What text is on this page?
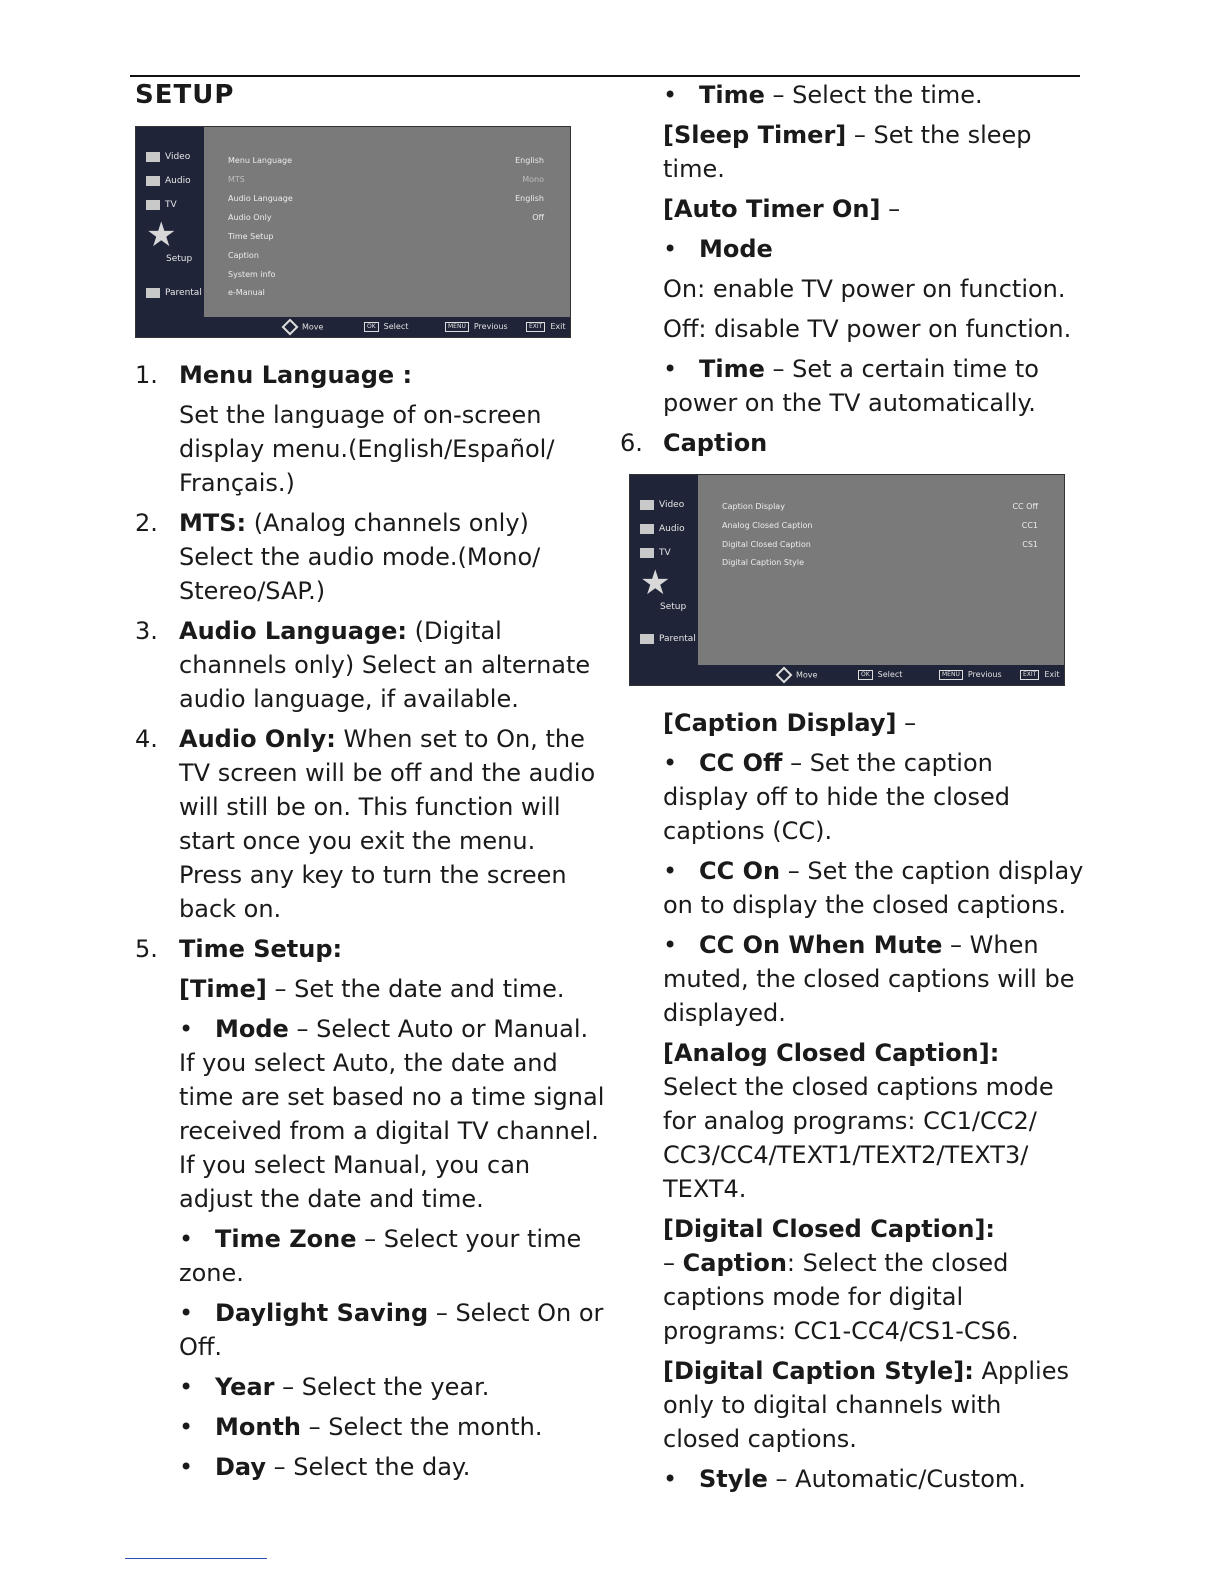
SETUP
Video
Audio
TV
★
Setup
Parental
Menu Language	English
MTS	Mono
Audio Language	English
Audio Only	Off
Time Setup
Caption
System info
e-Manual
Move	OK Select	MENU Previous	EXIT Exit
1. Menu Language :
Set the language of on-screen display menu.(English/Español/ Français.)
2. MTS: (Analog channels only) Select the audio mode.(Mono/ Stereo/SAP.)
3. Audio Language: (Digital channels only) Select an alternate audio language, if available.
4. Audio Only: When set to On, the TV screen will be off and the audio will still be on. This function will start once you exit the menu. Press any key to turn the screen back on.
5. Time Setup:
[Time] – Set the date and time.
• Mode – Select Auto or Manual. If you select Auto, the date and time are set based no a time signal received from a digital TV channel. If you select Manual, you can adjust the date and time.
• Time Zone – Select your time zone.
• Daylight Saving – Select On or Off.
• Year – Select the year.
• Month – Select the month.
• Day – Select the day.
• Time – Select the time.
[Sleep Timer] – Set the sleep time.
[Auto Timer On] –
• Mode
On: enable TV power on function.
Off: disable TV power on function.
• Time – Set a certain time to power on the TV automatically.
6. Caption
Video
Audio
TV
★
Setup
Parental
Caption Display	CC Off
Analog Closed Caption	CC1
Digital Closed Caption	CS1
Digital Caption Style
Move	OK Select	MENU Previous	EXIT Exit
[Caption Display] –
• CC Off – Set the caption display off to hide the closed captions (CC).
• CC On – Set the caption display on to display the closed captions.
• CC On When Mute – When muted, the closed captions will be displayed.
[Analog Closed Caption]:
Select the closed captions mode for analog programs: CC1/CC2/ CC3/CC4/TEXT1/TEXT2/TEXT3/ TEXT4.
[Digital Closed Caption]:
– Caption: Select the closed captions mode for digital programs: CC1-CC4/CS1-CS6.
[Digital Caption Style]: Applies only to digital channels with closed captions.
• Style – Automatic/Custom.
